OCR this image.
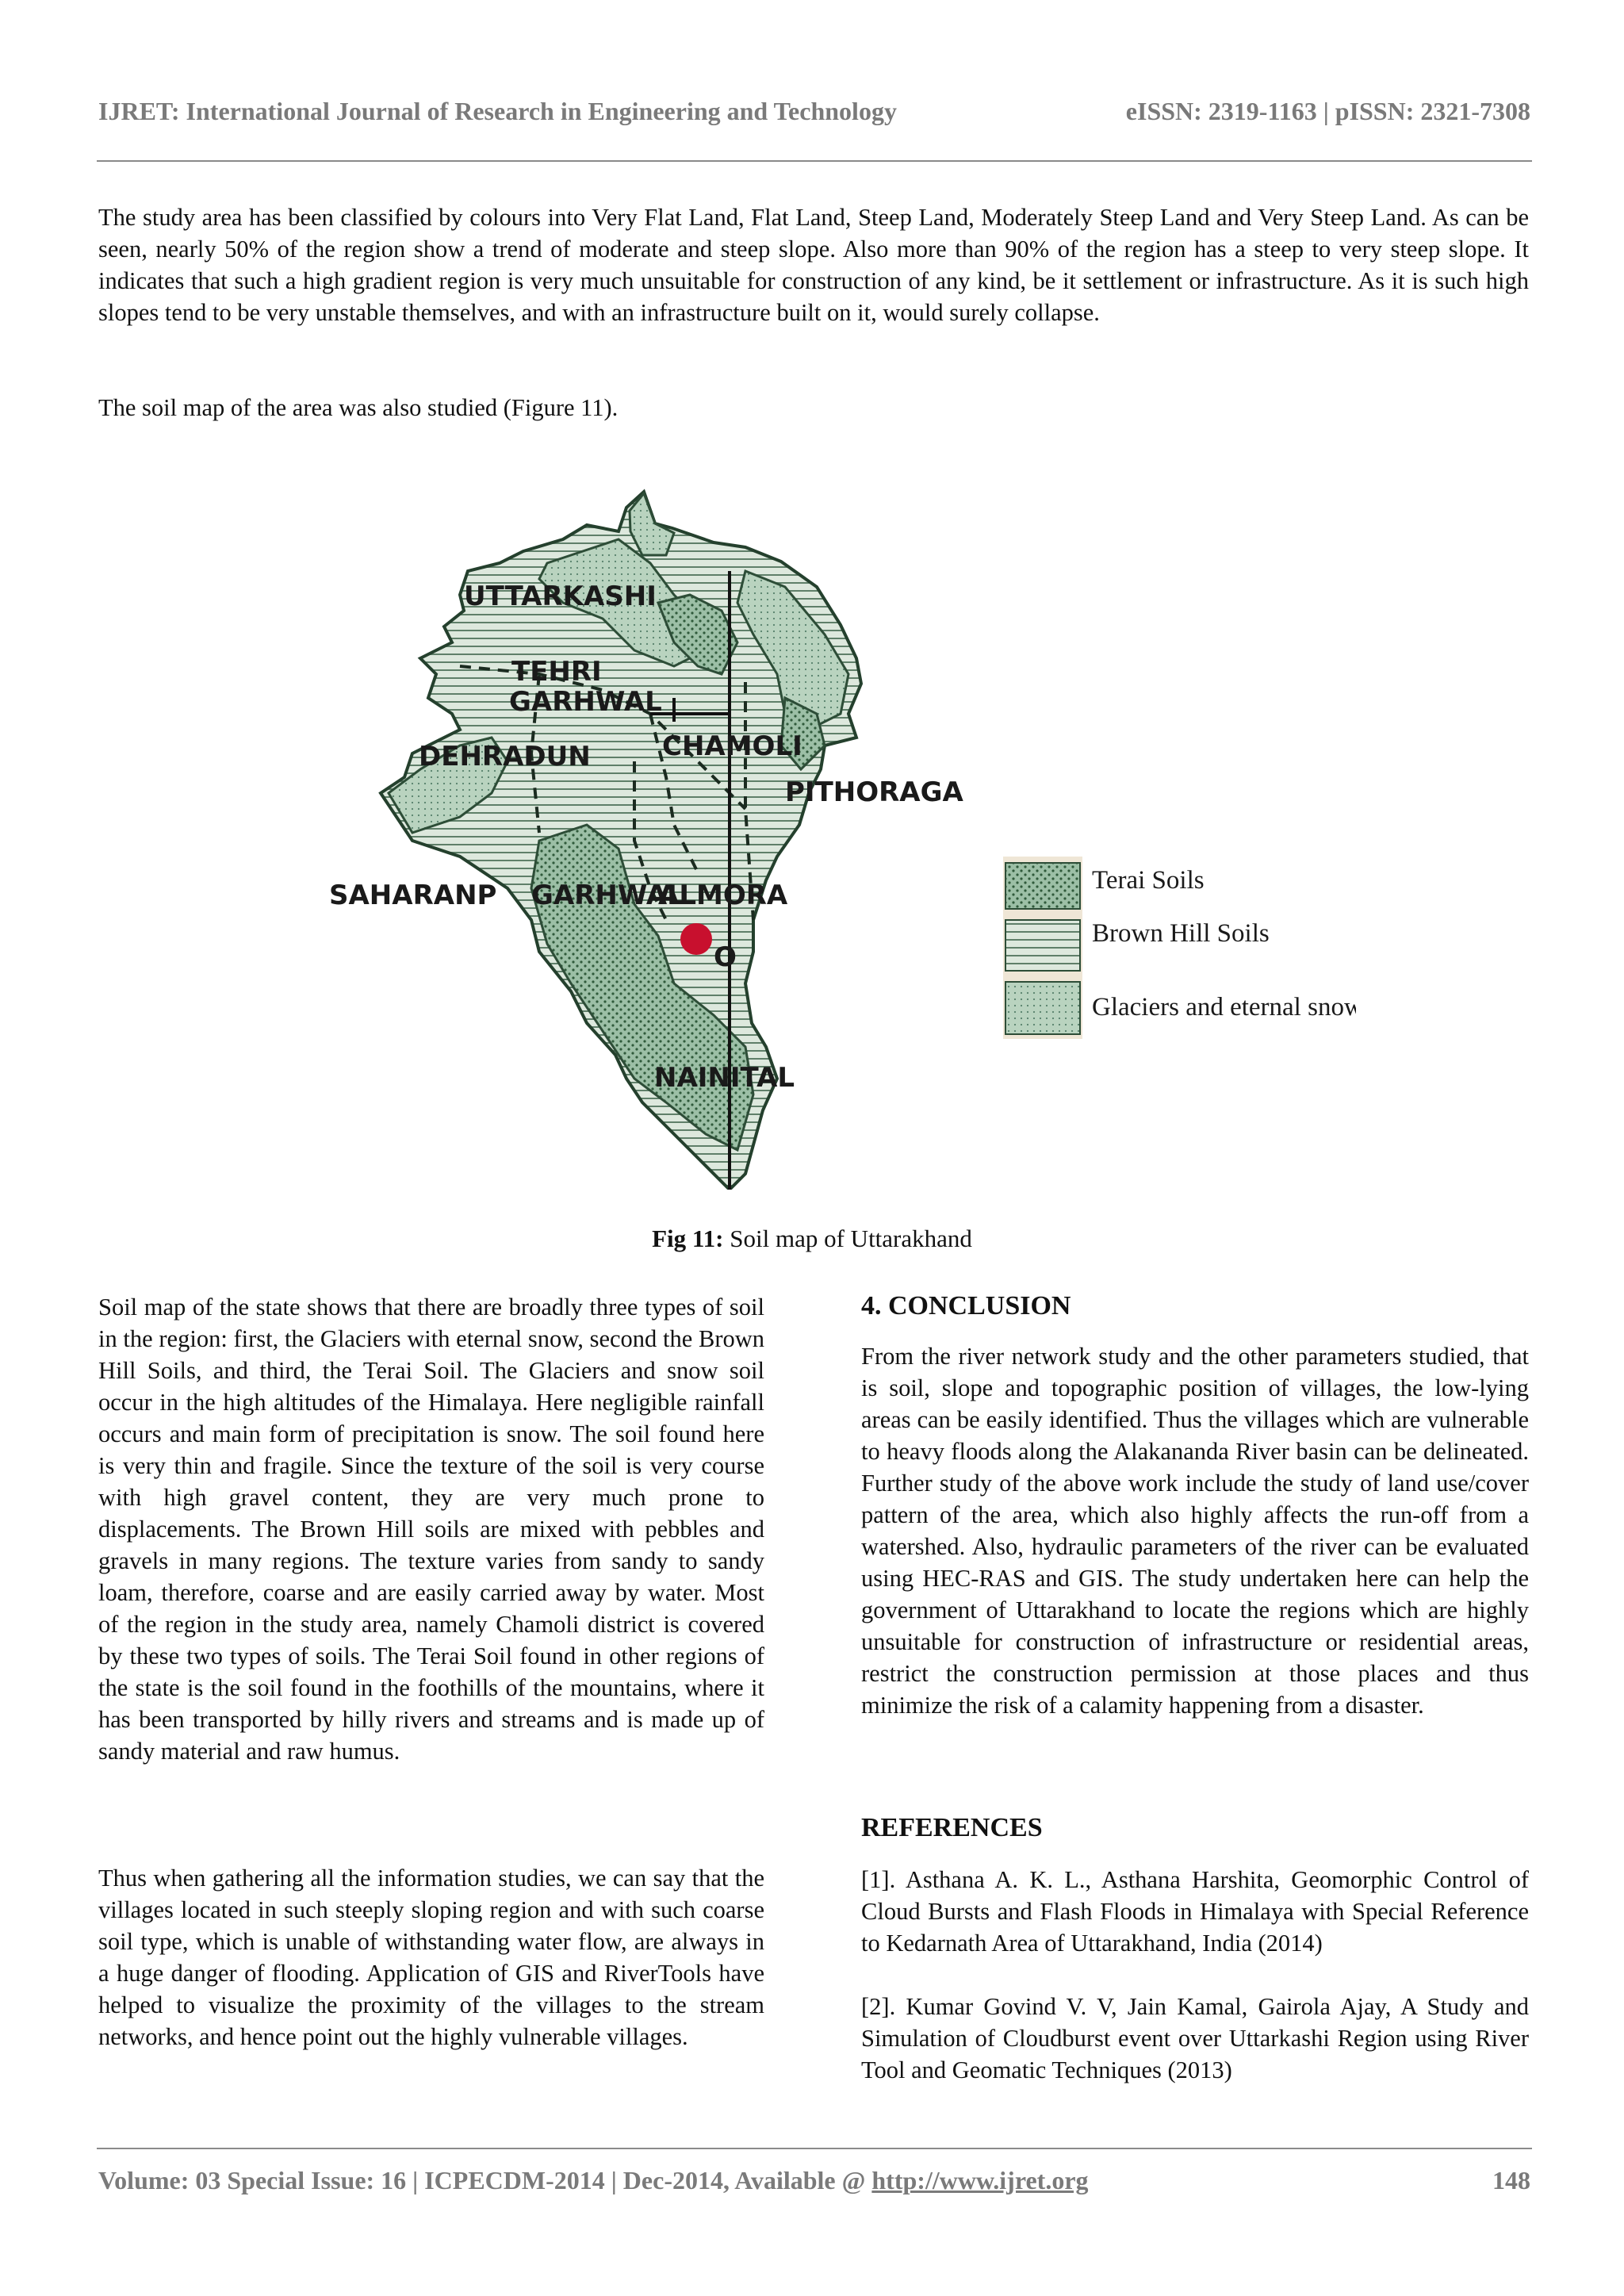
IJRET: International Journal of Research in Engineering and Technology	eISSN: 2319-1163 | pISSN: 2321-7308

The study area has been classified by colours into Very Flat Land, Flat Land, Steep Land, Moderately Steep Land and Very Steep Land. As can be seen, nearly 50% of the region show a trend of moderate and steep slope. Also more than 90% of the region has a steep to very steep slope. It indicates that such a high gradient region is very much unsuitable for construction of any kind, be it settlement or infrastructure. As it is such high slopes tend to be very unstable themselves, and with an infrastructure built on it, would surely collapse.

The soil map of the area was also studied (Figure 11).

UTTARKASHI
TEHRI
GARHWAL
DEHRADUN	CHAMOLI
PITHORAGA
SAHARANP GARHWAL
ALMORA
O
NAINITAL
Terai Soils
Brown Hill Soils
Glaciers and eternal snow
Fig 11: Soil map of Uttarakhand

Soil map of the state shows that there are broadly three types of soil in the region: first, the Glaciers with eternal snow, second the Brown Hill Soils, and third, the Terai Soil. The Glaciers and snow soil occur in the high altitudes of the Himalaya. Here negligible rainfall occurs and main form of precipitation is snow. The soil found here is very thin and fragile. Since the texture of the soil is very course with high gravel content, they are very much prone to displacements. The Brown Hill soils are mixed with pebbles and gravels in many regions. The texture varies from sandy to sandy loam, therefore, coarse and are easily carried away by water. Most of the region in the study area, namely Chamoli district is covered by these two types of soils. The Terai Soil found in other regions of the state is the soil found in the foothills of the mountains, where it has been transported by hilly rivers and streams and is made up of sandy material and raw humus.

Thus when gathering all the information studies, we can say that the villages located in such steeply sloping region and with such coarse soil type, which is unable of withstanding water flow, are always in a huge danger of flooding. Application of GIS and RiverTools have helped to visualize the proximity of the villages to the stream networks, and hence point out the highly vulnerable villages.

4. CONCLUSION

From the river network study and the other parameters studied, that is soil, slope and topographic position of villages, the low-lying areas can be easily identified. Thus the villages which are vulnerable to heavy floods along the Alakananda River basin can be delineated. Further study of the above work include the study of land use/cover pattern of the area, which also highly affects the run-off from a watershed. Also, hydraulic parameters of the river can be evaluated using HEC-RAS and GIS. The study undertaken here can help the government of Uttarakhand to locate the regions which are highly unsuitable for construction of infrastructure or residential areas, restrict the construction permission at those places and thus minimize the risk of a calamity happening from a disaster.

REFERENCES

[1]. Asthana A. K. L., Asthana Harshita, Geomorphic Control of Cloud Bursts and Flash Floods in Himalaya with Special Reference to Kedarnath Area of Uttarakhand, India (2014)

[2]. Kumar Govind V. V, Jain Kamal, Gairola Ajay, A Study and Simulation of Cloudburst event over Uttarkashi Region using River Tool and Geomatic Techniques (2013)

Volume: 03 Special Issue: 16 | ICPECDM-2014 | Dec-2014, Available @ http://www.ijret.org	148
